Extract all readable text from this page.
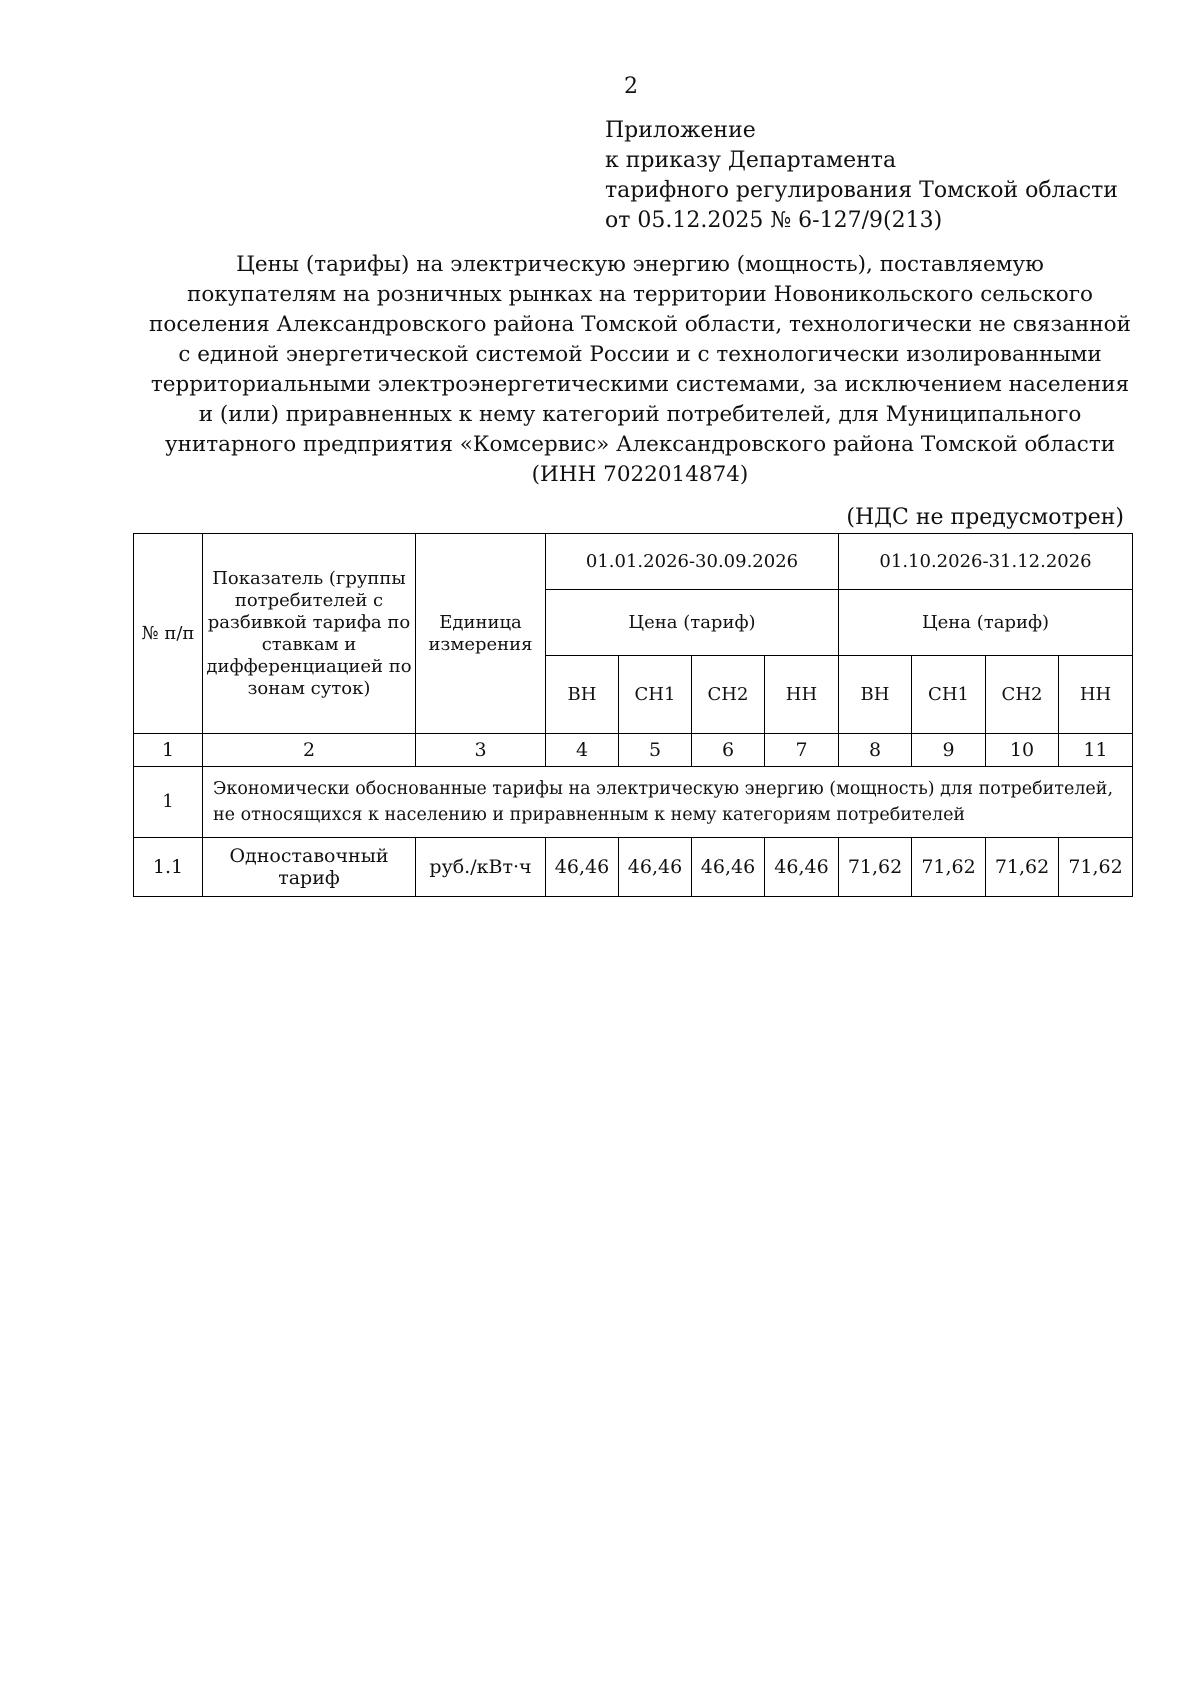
2
Приложение
к приказу Департамента
тарифного регулирования Томской области
от 05.12.2025 № 6-127/9(213)
Цены (тарифы) на электрическую энергию (мощность), поставляемую
покупателям на розничных рынках на территории Новоникольского сельского
поселения Александровского района Томской области, технологически не связанной
с единой энергетической системой России и с технологически изолированными
территориальными электроэнергетическими системами, за исключением населения
и (или) приравненных к нему категорий потребителей, для Муниципального
унитарного предприятия «Комсервис» Александровского района Томской области
(ИНН 7022014874)
(НДС не предусмотрен)
№ п/п	Показатель (группы потребителей с разбивкой тарифа по ставкам и дифференциацией по зонам суток)	Единица измерения	01.01.2026-30.09.2026				01.10.2026-31.12.2026			
			Цена (тариф)				Цена (тариф)			
			ВН	СН1	СН2	НН	ВН	СН1	СН2	НН
1	2	3	4	5	6	7	8	9	10	11
1	Экономически обоснованные тарифы на электрическую энергию (мощность) для потребителей, не относящихся к населению и приравненным к нему категориям потребителей									
1.1	Одноставочный тариф	руб./кВт·ч	46,46	46,46	46,46	46,46	71,62	71,62	71,62	71,62
